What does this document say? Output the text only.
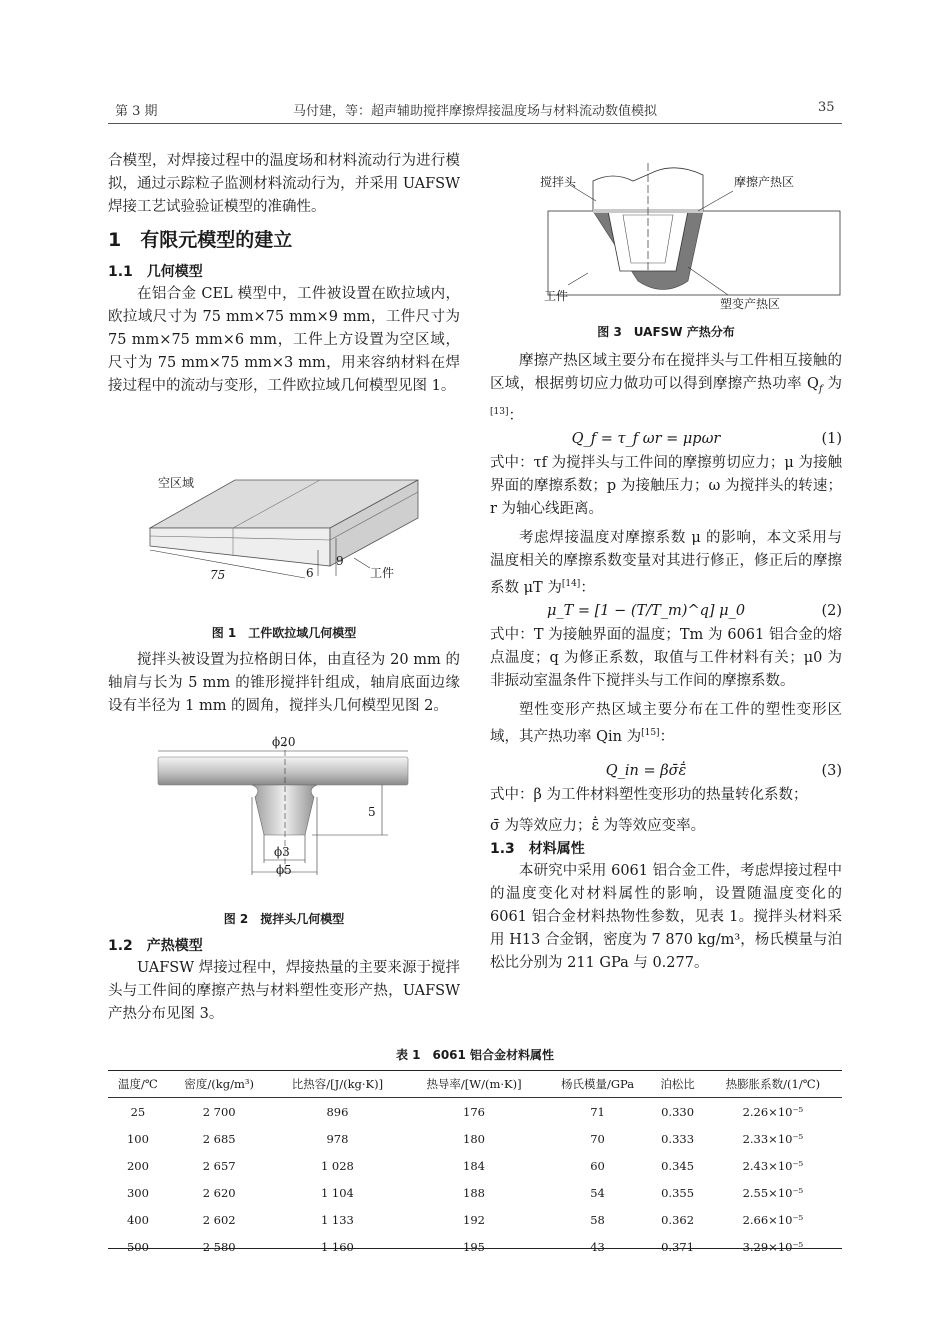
第 3 期	马付建，等：超声辅助搅拌摩擦焊接温度场与材料流动数值模拟	35

合模型，对焊接过程中的温度场和材料流动行为进行模拟，通过示踪粒子监测材料流动行为，并采用 UAFSW 焊接工艺试验验证模型的准确性。

1　有限元模型的建立
1.1　几何模型

在铝合金 CEL 模型中，工件被设置在欧拉域内，欧拉域尺寸为 75 mm×75 mm×9 mm，工件尺寸为 75 mm×75 mm×6 mm，工件上方设置为空区域，尺寸为 75 mm×75 mm×3 mm，用来容纳材料在焊接过程中的流动与变形，工件欧拉域几何模型见图 1。

空区域
工件
75	6
9
图 1　工件欧拉域几何模型

搅拌头被设置为拉格朗日体，由直径为 20 mm 的轴肩与长为 5 mm 的锥形搅拌针组成，轴肩底面边缘设有半径为 1 mm 的圆角，搅拌头几何模型见图 2。

ϕ20
ϕ3
ϕ5
5
图 2　搅拌头几何模型
1.2　产热模型

UAFSW 焊接过程中，焊接热量的主要来源于搅拌头与工件间的摩擦产热与材料塑性变形产热，UAFSW 产热分布见图 3。

搅拌头	摩擦产热区
工件
塑变产热区
图 3　UAFSW 产热分布

摩擦产热区域主要分布在搅拌头与工件相互接触的区域，根据剪切应力做功可以得到摩擦产热功率 $Q_f$ 为[13]：

Q_f = τ_f ωr = μpωr	(1)

式中：τf 为搅拌头与工件间的摩擦剪切应力；μ 为接触界面的摩擦系数；p 为接触压力；ω 为搅拌头的转速；r 为轴心线距离。

考虑焊接温度对摩擦系数 μ 的影响，本文采用与温度相关的摩擦系数变量对其进行修正，修正后的摩擦系数 μT 为[14]：

μ_T = [1 − (T/T_m)^q] μ_0	(2)

式中：T 为接触界面的温度；Tm 为 6061 铝合金的熔点温度；q 为修正系数，取值与工件材料有关；μ0 为非振动室温条件下搅拌头与工作间的摩擦系数。

塑性变形产热区域主要分布在工件的塑性变形区域，其产热功率 Qin 为[15]：

Q_in = βσ̄ε̄̇	(3)

式中：β 为工件材料塑性变形功的热量转化系数；

σ̄ 为等效应力；ε̄̇ 为等效应变率。

1.3　材料属性

本研究中采用 6061 铝合金工件，考虑焊接过程中的温度变化对材料属性的影响，设置随温度变化的 6061 铝合金材料热物性参数，见表 1。搅拌头材料采用 H13 合金钢，密度为 7 870 kg/m³，杨氏模量与泊松比分别为 211 GPa 与 0.277。

表 1　6061 铝合金材料属性
温度/℃	密度/(kg/m³)	比热容/[J/(kg·K)]	热导率/[W/(m·K)]	杨氏模量/GPa	泊松比	热膨胀系数/(1/℃)
25	2 700	896	176	71	0.330	2.26×10⁻⁵
100	2 685	978	180	70	0.333	2.33×10⁻⁵
200	2 657	1 028	184	60	0.345	2.43×10⁻⁵
300	2 620	1 104	188	54	0.355	2.55×10⁻⁵
400	2 602	1 133	192	58	0.362	2.66×10⁻⁵
500	2 580	1 160	195	43	0.371	3.29×10⁻⁵
